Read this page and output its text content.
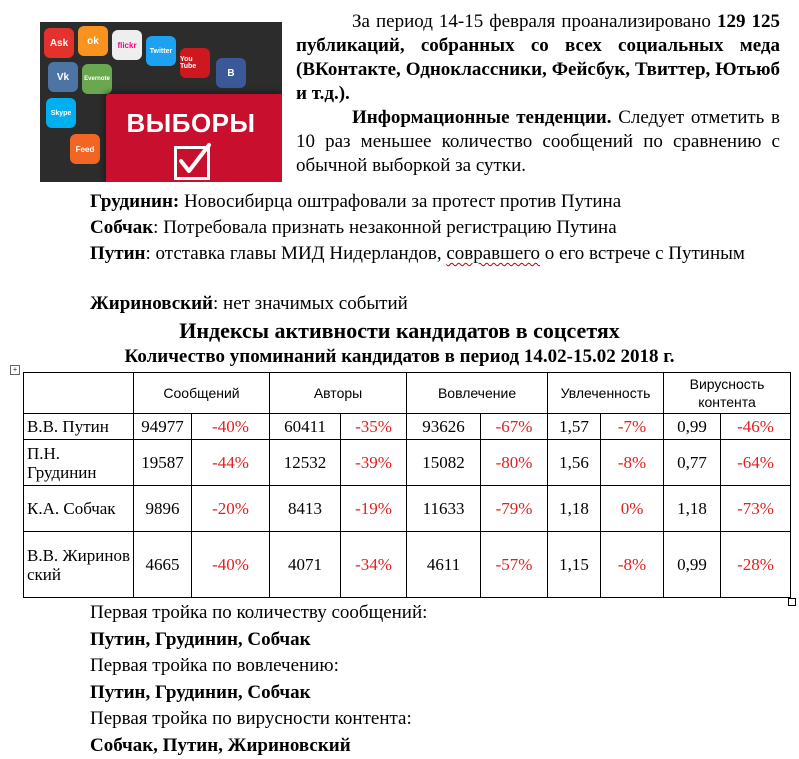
Ask	ok	flickr
Twitter
You Tube
B
Vk	Evernote
Skype
Feed
ВЫБОРЫ

За период 14-15 февраля проанализировано 129 125 публикаций, собранных со всех социальных меда (ВКонтакте, Одноклассники, Фейсбук, Твиттер, Ютьюб и т.д.).

Информационные тенденции. Следует отметить в 10 раз меньшее количество сообщений по сравнению с обычной выборкой за сутки.

Грудинин: Новосибирца оштрафовали за протест против Путина
Собчак: Потребовала признать незаконной регистрацию Путина
Путин: отставка главы МИД Нидерландов, совравшего о его встрече с Путиным
Жириновский: нет значимых событий
Индексы активности кандидатов в соцсетях
Количество упоминаний кандидатов в период 14.02-15.02 2018 г.
+
	Сообщений		Авторы		Вовлечение		Увлеченность		Вирусность контента	
В.В. Путин	94977	-40%	60411	-35%	93626	-67%	1,57	-7%	0,99	-46%
П.Н. Грудинин	19587	-44%	12532	-39%	15082	-80%	1,56	-8%	0,77	-64%
К.А. Собчак	9896	-20%	8413	-19%	11633	-79%	1,18	0%	1,18	-73%
В.В. Жириновский	4665	-40%	4071	-34%	4611	-57%	1,15	-8%	0,99	-28%
Первая тройка по количеству сообщений:
Путин, Грудинин, Собчак
Первая тройка по вовлечению:
Путин, Грудинин, Собчак
Первая тройка по вирусности контента:
Собчак, Путин, Жириновский
